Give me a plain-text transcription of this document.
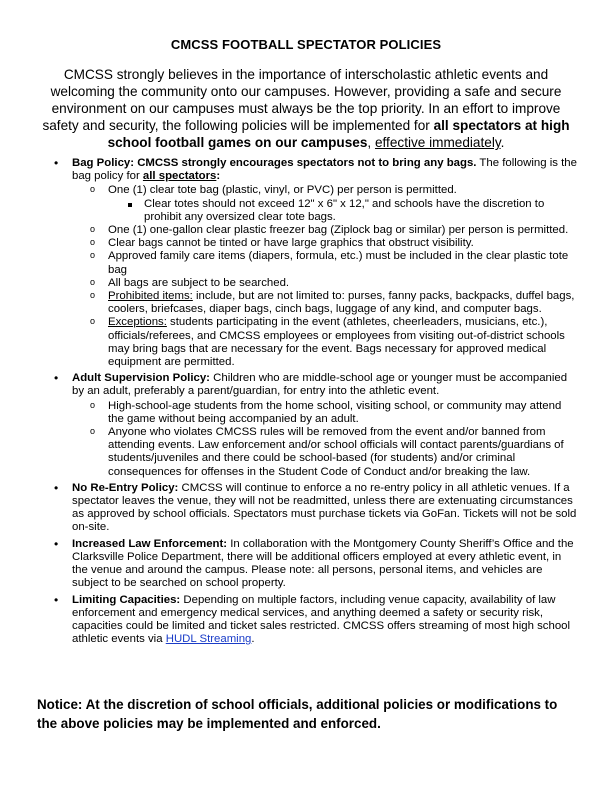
CMCSS FOOTBALL SPECTATOR POLICIES

CMCSS strongly believes in the importance of interscholastic athletic events and welcoming the community onto our campuses. However, providing a safe and secure environment on our campuses must always be the top priority. In an effort to improve safety and security, the following policies will be implemented for all spectators at high school football games on our campuses, effective immediately.

• Bag Policy: CMCSS strongly encourages spectators not to bring any bags. The following is the bag policy for all spectators:
o One (1) clear tote bag (plastic, vinyl, or PVC) per person is permitted.
Clear totes should not exceed 12" x 6" x 12," and schools have the discretion to prohibit any oversized clear tote bags.
o One (1) one-gallon clear plastic freezer bag (Ziplock bag or similar) per person is permitted.
o Clear bags cannot be tinted or have large graphics that obstruct visibility.
o Approved family care items (diapers, formula, etc.) must be included in the clear plastic tote bag
o All bags are subject to be searched.
o Prohibited items: include, but are not limited to: purses, fanny packs, backpacks, duffel bags, coolers, briefcases, diaper bags, cinch bags, luggage of any kind, and computer bags.
o Exceptions: students participating in the event (athletes, cheerleaders, musicians, etc.), officials/referees, and CMCSS employees or employees from visiting out-of-district schools may bring bags that are necessary for the event. Bags necessary for approved medical equipment are permitted.
• Adult Supervision Policy: Children who are middle-school age or younger must be accompanied by an adult, preferably a parent/guardian, for entry into the athletic event.
o High-school-age students from the home school, visiting school, or community may attend the game without being accompanied by an adult.
o Anyone who violates CMCSS rules will be removed from the event and/or banned from attending events. Law enforcement and/or school officials will contact parents/guardians of students/juveniles and there could be school-based (for students) and/or criminal consequences for offenses in the Student Code of Conduct and/or breaking the law.
• No Re-Entry Policy: CMCSS will continue to enforce a no re-entry policy in all athletic venues. If a spectator leaves the venue, they will not be readmitted, unless there are extenuating circumstances as approved by school officials. Spectators must purchase tickets via GoFan. Tickets will not be sold on-site.
• Increased Law Enforcement: In collaboration with the Montgomery County Sheriff’s Office and the Clarksville Police Department, there will be additional officers employed at every athletic event, in the venue and around the campus. Please note: all persons, personal items, and vehicles are subject to be searched on school property.
• Limiting Capacities: Depending on multiple factors, including venue capacity, availability of law enforcement and emergency medical services, and anything deemed a safety or security risk, capacities could be limited and ticket sales restricted. CMCSS offers streaming of most high school athletic events via HUDL Streaming.

Notice: At the discretion of school officials, additional policies or modifications to the above policies may be implemented and enforced.
